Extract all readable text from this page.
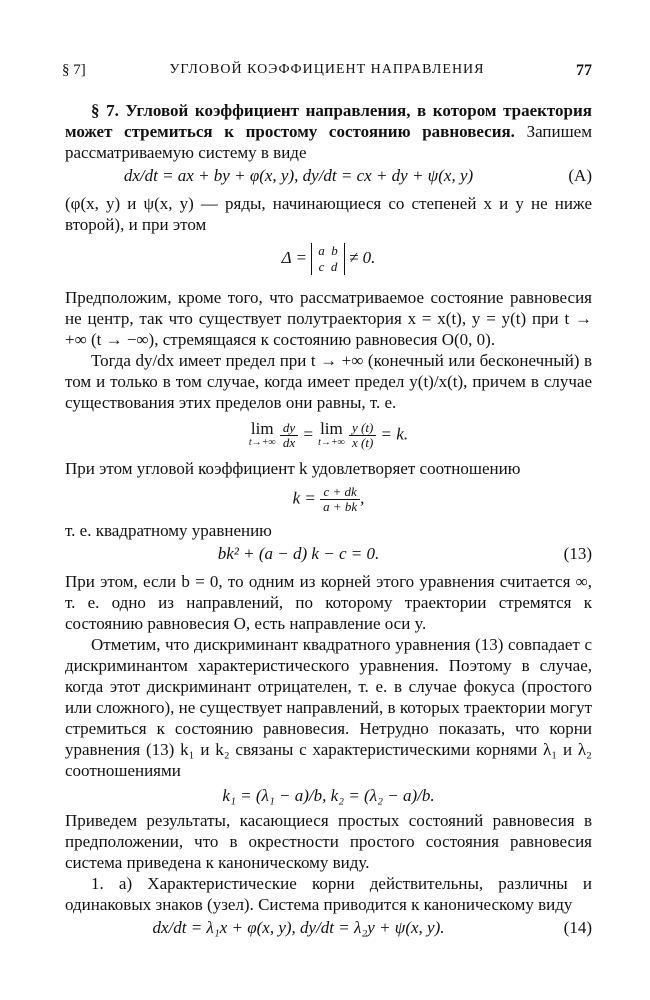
§ 7]	УГЛОВОЙ КОЭФФИЦИЕНТ НАПРАВЛЕНИЯ	77

§ 7. Угловой коэффициент направления, в котором траектория может стремиться к простому состоянию равновесия. Запишем рассматриваемую систему в виде

dx/dt = ax + by + φ(x, y), dy/dt = cx + dy + ψ(x, y)	(A)

(φ(x, y) и ψ(x, y) — ряды, начинающиеся со степеней x и y не ниже второй), и при этом

Δ = a b
c d ≠ 0.

Предположим, кроме того, что рассматриваемое состояние равновесия не центр, так что существует полутраектория x = x(t), y = y(t) при t → +∞ (t → −∞), стремящаяся к состоянию равновесия O(0, 0).

Тогда dy/dx имеет предел при t → +∞ (конечный или бесконечный) в том и только в том случае, когда имеет предел y(t)/x(t), причем в случае существования этих пределов они равны, т. е.

lim
t→+∞
$\frac{dy}{dx} = \lim$
t→+∞
$\frac{y (t)}{x (t)} = k$.

При этом угловой коэффициент k удовлетворяет соотношению

$k = \frac{c + dk}{a + bk}$ ,

т. е. квадратному уравнению

bk² + (a − d) k − c = 0.	(13)

При этом, если b = 0, то одним из корней этого уравнения считается ∞, т. е. одно из направлений, по которому траектории стремятся к состоянию равновесия O, есть направление оси y.

Отметим, что дискриминант квадратного уравнения (13) совпадает с дискриминантом характеристического уравнения. Поэтому в случае, когда этот дискриминант отрицателен, т. е. в случае фокуса (простого или сложного), не существует направлений, в которых траектории могут стремиться к состоянию равновесия. Нетрудно показать, что корни уравнения (13) k₁ и k₂ связаны с характеристическими корнями λ₁ и λ₂ соотношениями

k₁ = (λ₁ − a)/b, k₂ = (λ₂ − a)/b.

Приведем результаты, касающиеся простых состояний равновесия в предположении, что в окрестности простого состояния равновесия система приведена к каноническому виду.

1. а) Характеристические корни действительны, различны и одинаковых знаков (узел). Система приводится к каноническому виду

dx/dt = λ₁x + φ(x, y), dy/dt = λ₂y + ψ(x, y).	(14)
